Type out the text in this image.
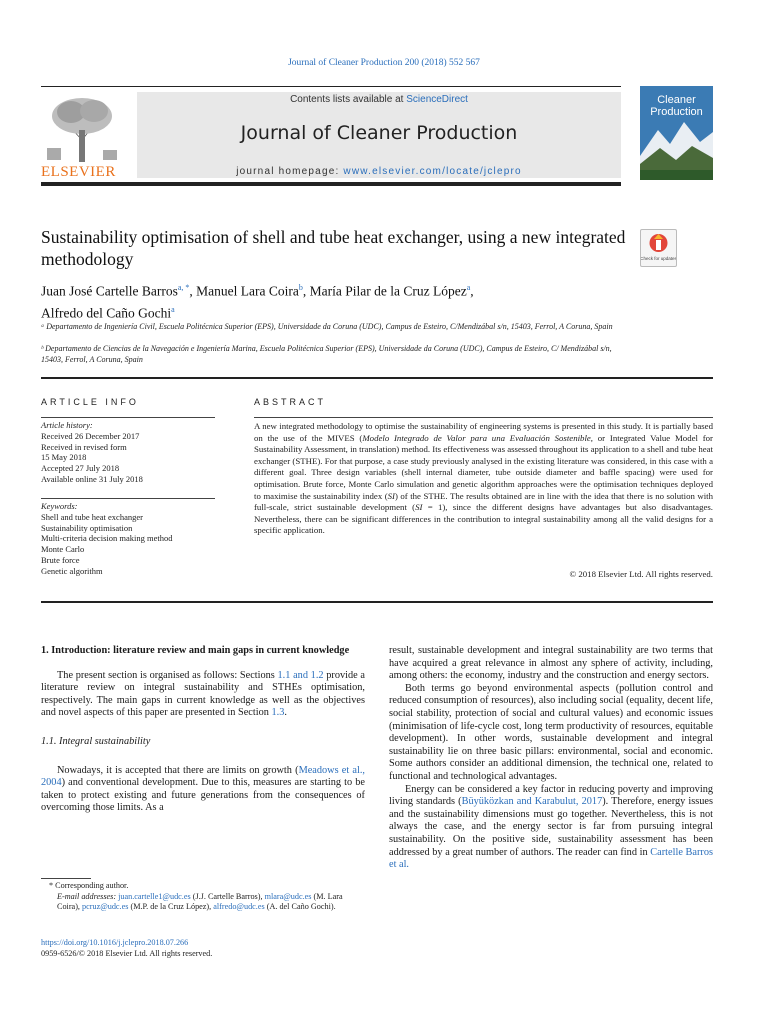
Journal of Cleaner Production 200 (2018) 552 567
ELSEVIER
Contents lists available at ScienceDirect
Journal of Cleaner Production
journal homepage: www.elsevier.com/locate/jclepro
Cleaner
Production
Sustainability optimisation of shell and tube heat exchanger, using a new integrated methodology	Check for updates
Juan José Cartelle Barros$^{a, *}$, Manuel Lara Coira$^b$, María Pilar de la Cruz López$^a$,
Alfredo del Caño Gochi$^a$
ᵃ Departamento de Ingeniería Civil, Escuela Politécnica Superior (EPS), Universidade da Coruna (UDC), Campus de Esteiro, C/Mendizábal s/n, 15403, Ferrol, A Coruna, Spain
ᵇ Departamento de Ciencias de la Navegación e Ingeniería Marina, Escuela Politécnica Superior (EPS), Universidade da Coruna (UDC), Campus de Esteiro, C/ Mendizábal s/n, 15403, Ferrol, A Coruna, Spain
ARTICLE INFO
Article history:
Received 26 December 2017
Received in revised form
15 May 2018
Accepted 27 July 2018
Available online 31 July 2018
Keywords:
Shell and tube heat exchanger
Sustainability optimisation
Multi-criteria decision making method
Monte Carlo
Brute force
Genetic algorithm
ABSTRACT
A new integrated methodology to optimise the sustainability of engineering systems is presented in this study. It is partially based on the use of the MIVES (Modelo Integrado de Valor para una Evaluación Sostenible, or Integrated Value Model for Sustainability Assessment, in translation) method. Its effectiveness was assessed throughout its application to a shell and tube heat exchanger (STHE). For that purpose, a case study previously analysed in the existing literature was considered, in this case with a different goal. Three design variables (shell internal diameter, tube outside diameter and baffle spacing) were used for optimisation. Brute force, Monte Carlo simulation and genetic algorithm approaches were the optimisation techniques deployed to maximise the sustainability index (SI) of the STHE. The results obtained are in line with the idea that there is no solution with full-scale, strict sustainable development (SI = 1), since the different designs have advantages but also disadvantages. Nevertheless, there can be significant differences in the contribution to integral sustainability among all the valid designs for a specific application.
© 2018 Elsevier Ltd. All rights reserved.
1. Introduction: literature review and main gaps in current knowledge

The present section is organised as follows: Sections 1.1 and 1.2 provide a literature review on integral sustainability and STHEs optimisation, respectively. The main gaps in current knowledge as well as the objectives and novel aspects of this paper are presented in Section 1.3.

1.1. Integral sustainability

Nowadays, it is accepted that there are limits on growth (Meadows et al., 2004) and conventional development. Due to this, measures are starting to be taken to protect existing and future generations from the consequences of overcoming those limits. As a

result, sustainable development and integral sustainability are two terms that have acquired a great relevance in almost any sphere of activity, including, among others: the economy, industry and the construction and energy sectors.

Both terms go beyond environmental aspects (pollution control and reduced consumption of resources), also including social (equality, decent life, social stability, protection of social and cultural values) and economic issues (minimisation of life-cycle cost, long term productivity of resources, equitable development). In other words, sustainable development and integral sustainability lie on three basic pillars: environmental, social and economic. Some authors consider an additional dimension, the technical one, related to functional and technological advantages.

Energy can be considered a key factor in reducing poverty and improving living standards (Büyüközkan and Karabulut, 2017). Therefore, energy issues and the sustainability dimensions must go together. Nevertheless, this is not always the case, and the energy sector is far from pursuing integral sustainability. On the positive side, sustainability assessment has been addressed by a great number of authors. The reader can find in Cartelle Barros et al.

* Corresponding author.
E-mail addresses: juan.cartelle1@udc.es (J.J. Cartelle Barros), mlara@udc.es (M. Lara Coira), pcruz@udc.es (M.P. de la Cruz López), alfredo@udc.es (A. del Caño Gochi).
https://doi.org/10.1016/j.jclepro.2018.07.266
0959-6526/© 2018 Elsevier Ltd. All rights reserved.
